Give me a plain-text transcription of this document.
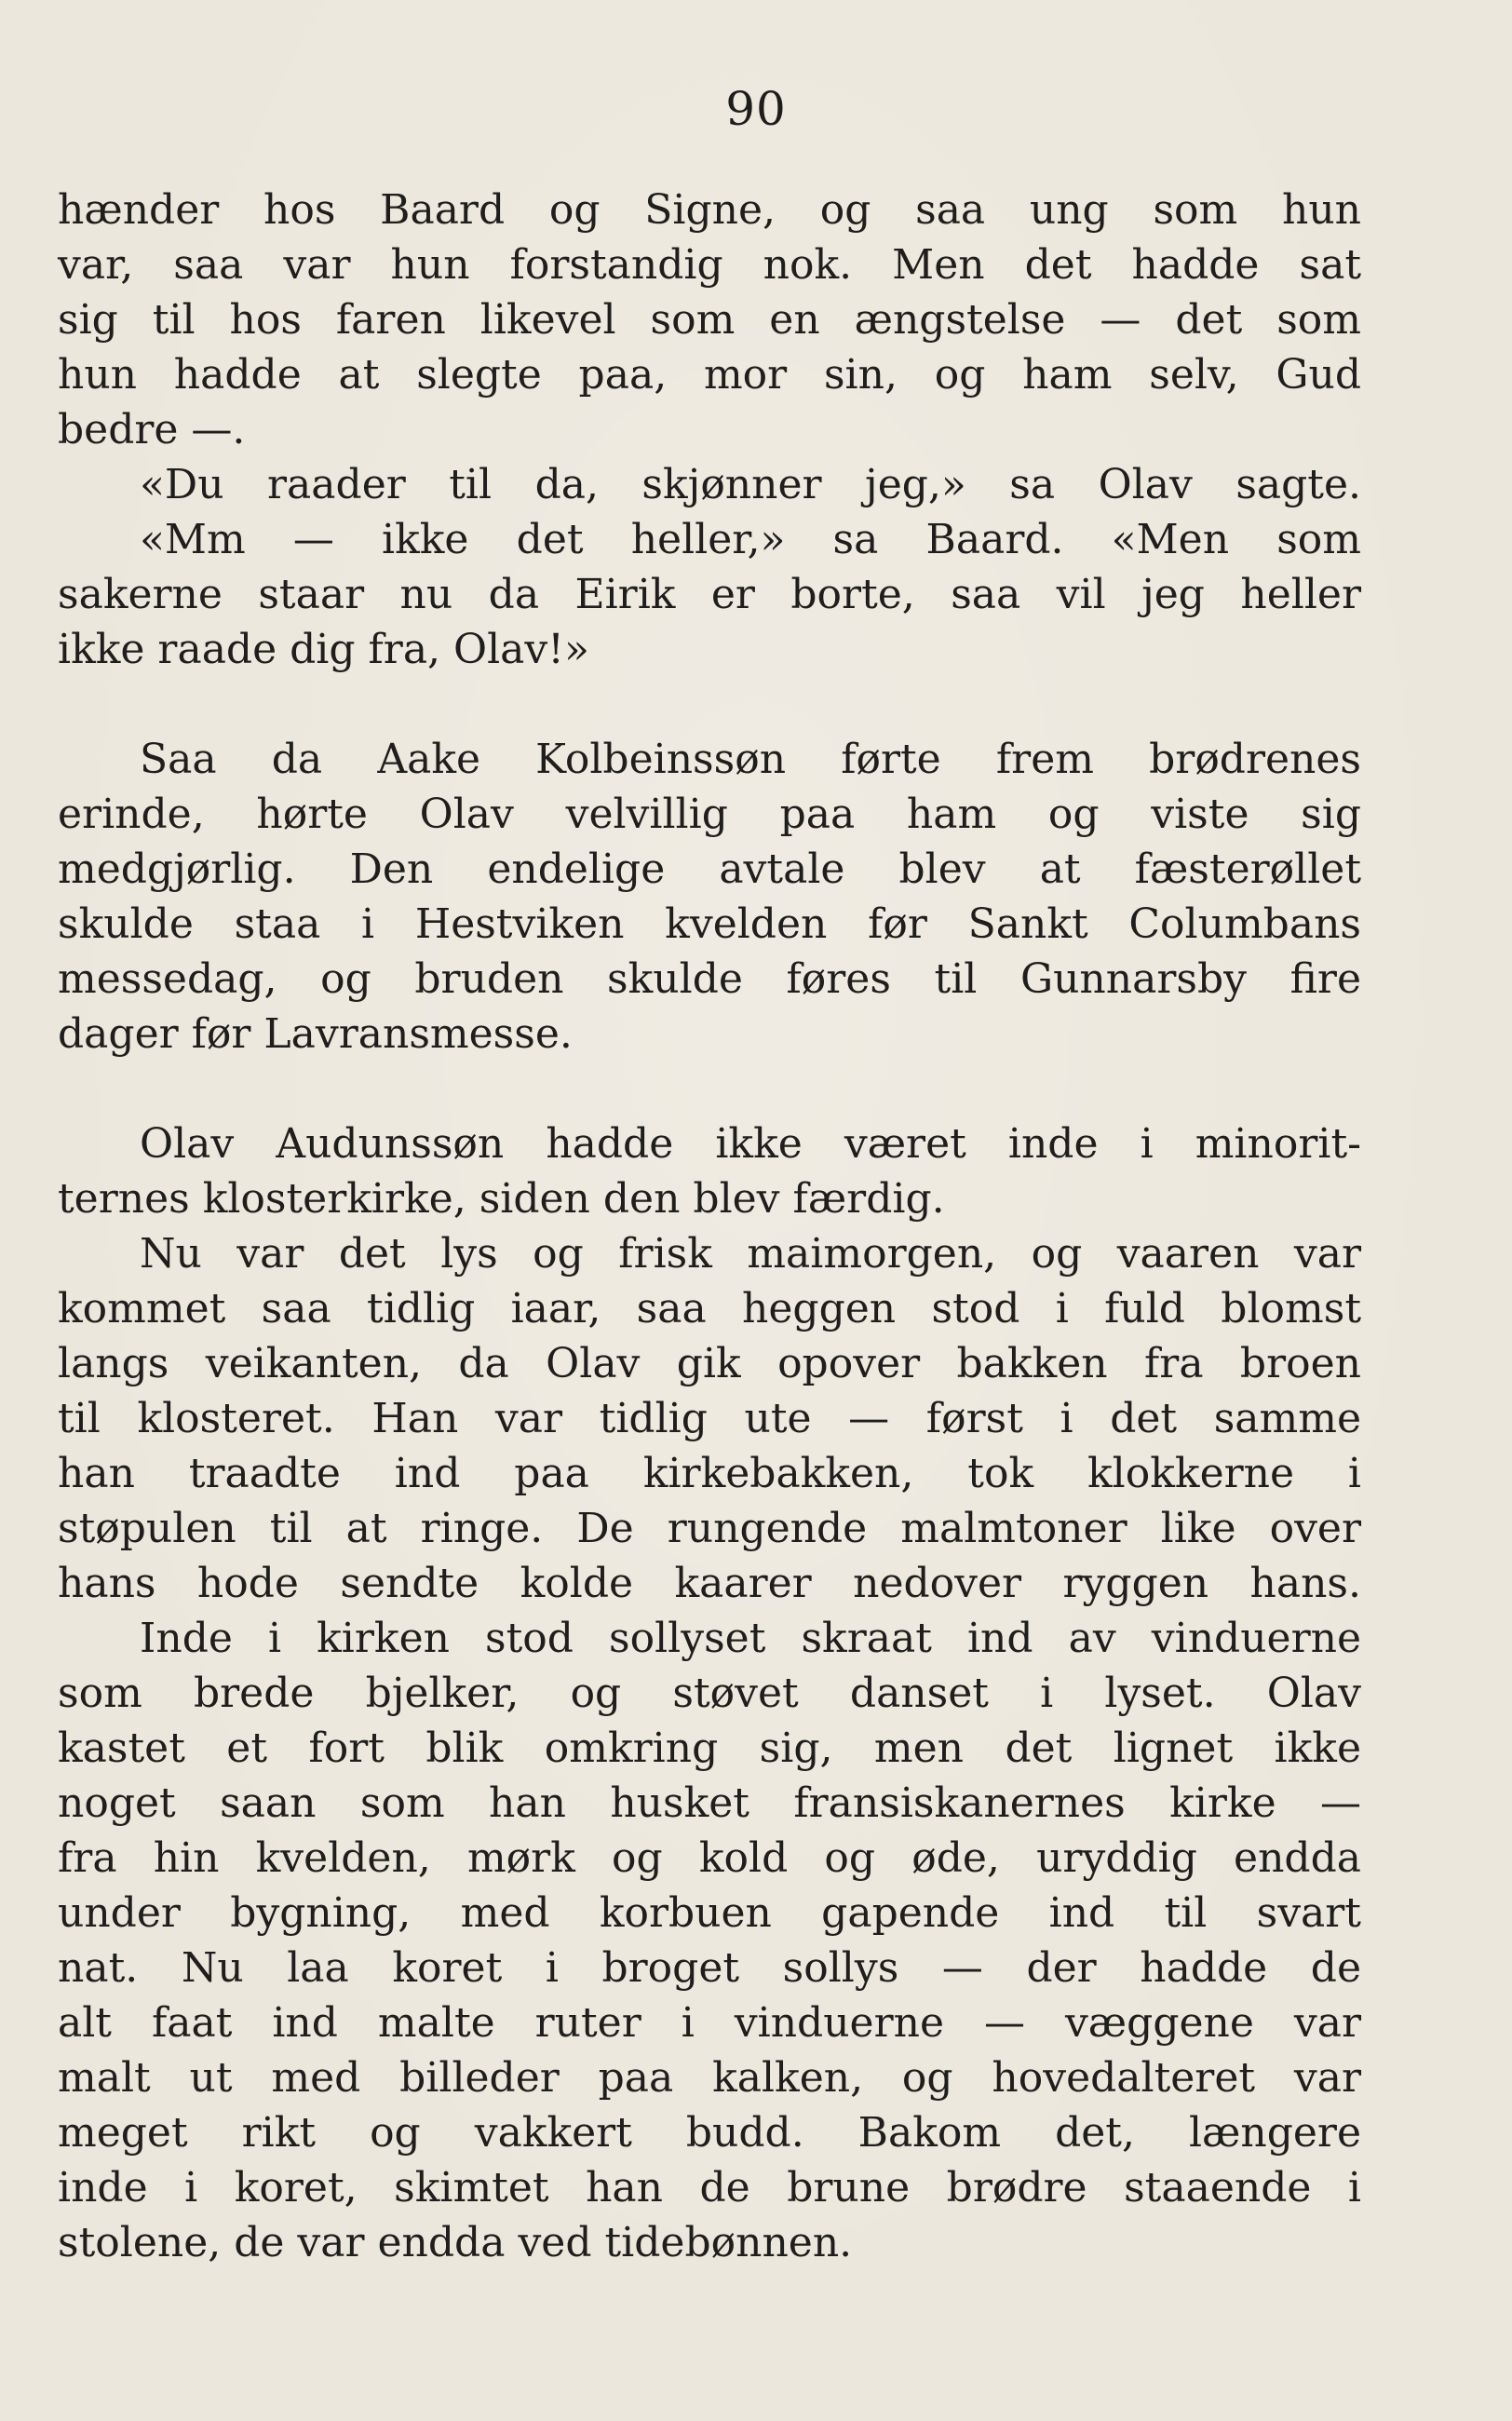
90
hænder hos Baard og Signe, og saa ung som hun
var, saa var hun forstandig nok. Men det hadde sat
sig til hos faren likevel som en ængstelse — det som
hun hadde at slegte paa, mor sin, og ham selv, Gud
bedre —.
«Du raader til da, skjønner jeg,» sa Olav sagte.
«Mm — ikke det heller,» sa Baard. «Men som
sakerne staar nu da Eirik er borte, saa vil jeg heller
ikke raade dig fra, Olav!»
Saa da Aake Kolbeinssøn førte frem brødrenes
erinde, hørte Olav velvillig paa ham og viste sig
medgjørlig. Den endelige avtale blev at fæsterøllet
skulde staa i Hestviken kvelden før Sankt Columbans
messedag, og bruden skulde føres til Gunnarsby fire
dager før Lavransmesse.
Olav Audunssøn hadde ikke været inde i minorit-
ternes klosterkirke, siden den blev færdig.
Nu var det lys og frisk maimorgen, og vaaren var
kommet saa tidlig iaar, saa heggen stod i fuld blomst
langs veikanten, da Olav gik opover bakken fra broen
til klosteret. Han var tidlig ute — først i det samme
han traadte ind paa kirkebakken, tok klokkerne i
støpulen til at ringe. De rungende malmtoner like over
hans hode sendte kolde kaarer nedover ryggen hans.
Inde i kirken stod sollyset skraat ind av vinduerne
som brede bjelker, og støvet danset i lyset. Olav
kastet et fort blik omkring sig, men det lignet ikke
noget saan som han husket fransiskanernes kirke —
fra hin kvelden, mørk og kold og øde, uryddig endda
under bygning, med korbuen gapende ind til svart
nat. Nu laa koret i broget sollys — der hadde de
alt faat ind malte ruter i vinduerne — væggene var
malt ut med billeder paa kalken, og hovedalteret var
meget rikt og vakkert budd. Bakom det, længere
inde i koret, skimtet han de brune brødre staaende i
stolene, de var endda ved tidebønnen.
